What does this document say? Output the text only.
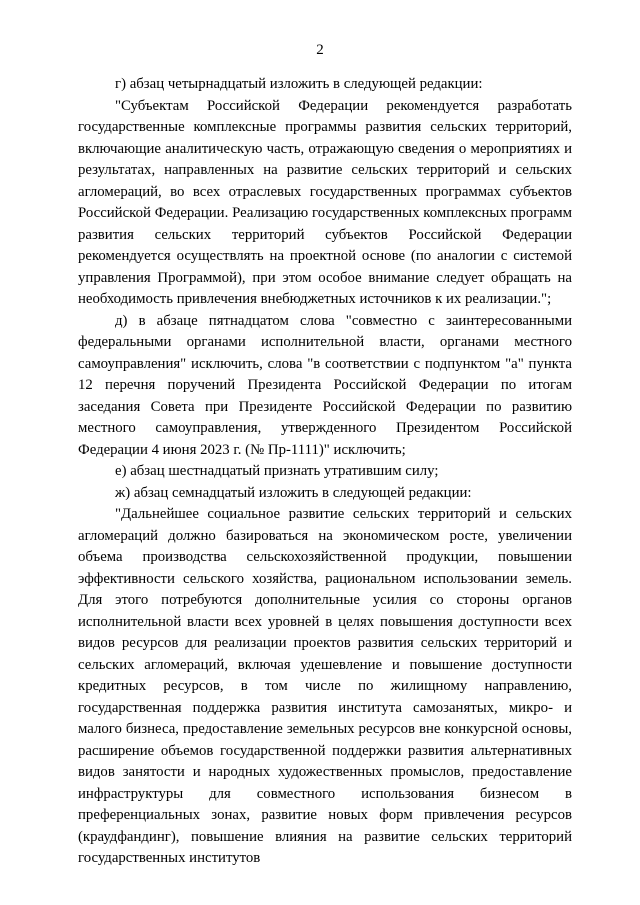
2

г) абзац четырнадцатый изложить в следующей редакции:

"Субъектам Российской Федерации рекомендуется разработать государственные комплексные программы развития сельских территорий, включающие аналитическую часть, отражающую сведения о мероприятиях и результатах, направленных на развитие сельских территорий и сельских агломераций, во всех отраслевых государственных программах субъектов Российской Федерации. Реализацию государственных комплексных программ развития сельских территорий субъектов Российской Федерации рекомендуется осуществлять на проектной основе (по аналогии с системой управления Программой), при этом особое внимание следует обращать на необходимость привлечения внебюджетных источников к их реализации.";

д) в абзаце пятнадцатом слова "совместно с заинтересованными федеральными органами исполнительной власти, органами местного самоуправления" исключить, слова "в соответствии с подпунктом "а" пункта 12 перечня поручений Президента Российской Федерации по итогам заседания Совета при Президенте Российской Федерации по развитию местного самоуправления, утвержденного Президентом Российской Федерации 4 июня 2023 г. (№ Пр-1111)" исключить;

е) абзац шестнадцатый признать утратившим силу;

ж) абзац семнадцатый изложить в следующей редакции:

"Дальнейшее социальное развитие сельских территорий и сельских агломераций должно базироваться на экономическом росте, увеличении объема производства сельскохозяйственной продукции, повышении эффективности сельского хозяйства, рациональном использовании земель. Для этого потребуются дополнительные усилия со стороны органов исполнительной власти всех уровней в целях повышения доступности всех видов ресурсов для реализации проектов развития сельских территорий и сельских агломераций, включая удешевление и повышение доступности кредитных ресурсов, в том числе по жилищному направлению, государственная поддержка развития института самозанятых, микро- и малого бизнеса, предоставление земельных ресурсов вне конкурсной основы, расширение объемов государственной поддержки развития альтернативных видов занятости и народных художественных промыслов, предоставление инфраструктуры для совместного использования бизнесом в преференциальных зонах, развитие новых форм привлечения ресурсов (краудфандинг), повышение влияния на развитие сельских территорий государственных институтов
